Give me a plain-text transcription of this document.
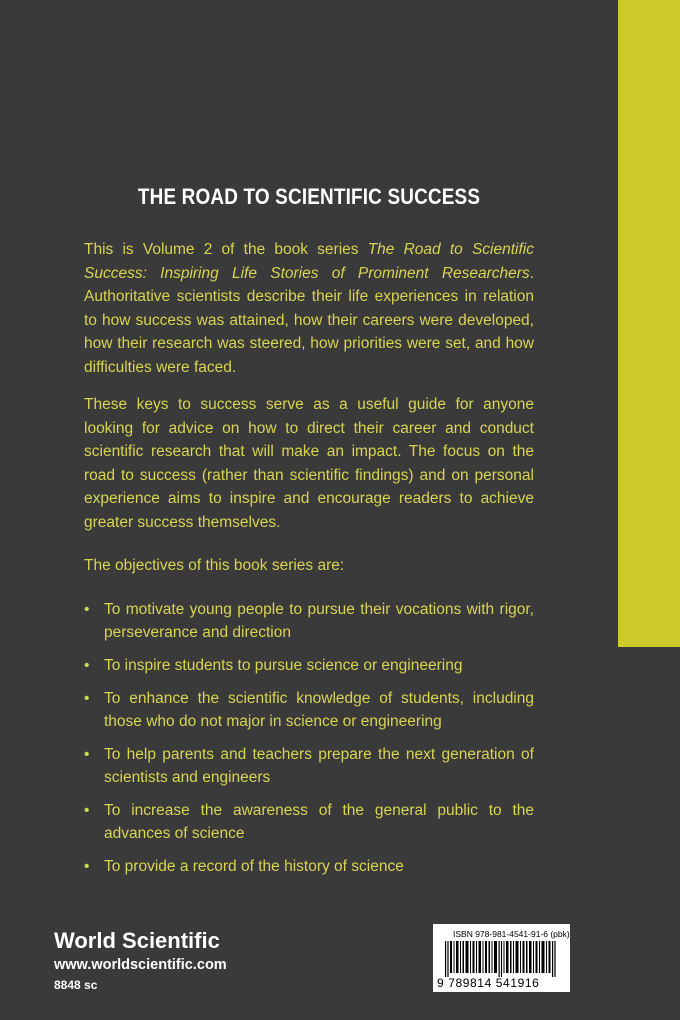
THE ROAD TO SCIENTIFIC SUCCESS

This is Volume 2 of the book series The Road to Scientific Success: Inspiring Life Stories of Prominent Researchers. Authoritative scientists describe their life experiences in relation to how success was attained, how their careers were developed, how their research was steered, how priorities were set, and how difficulties were faced.

These keys to success serve as a useful guide for anyone looking for advice on how to direct their career and conduct scientific research that will make an impact. The focus on the road to success (rather than scientific findings) and on personal experience aims to inspire and encourage readers to achieve greater success themselves.

The objectives of this book series are:

• To motivate young people to pursue their vocations with rigor, perseverance and direction
• To inspire students to pursue science or engineering
• To enhance the scientific knowledge of students, including those who do not major in science or engineering
• To help parents and teachers prepare the next generation of scientists and engineers
• To increase the awareness of the general public to the advances of science
• To provide a record of the history of science
World Scientific
www.worldscientific.com
8848 sc
ISBN 978-981-4541-91-6 (pbk)
9 789814 541916
